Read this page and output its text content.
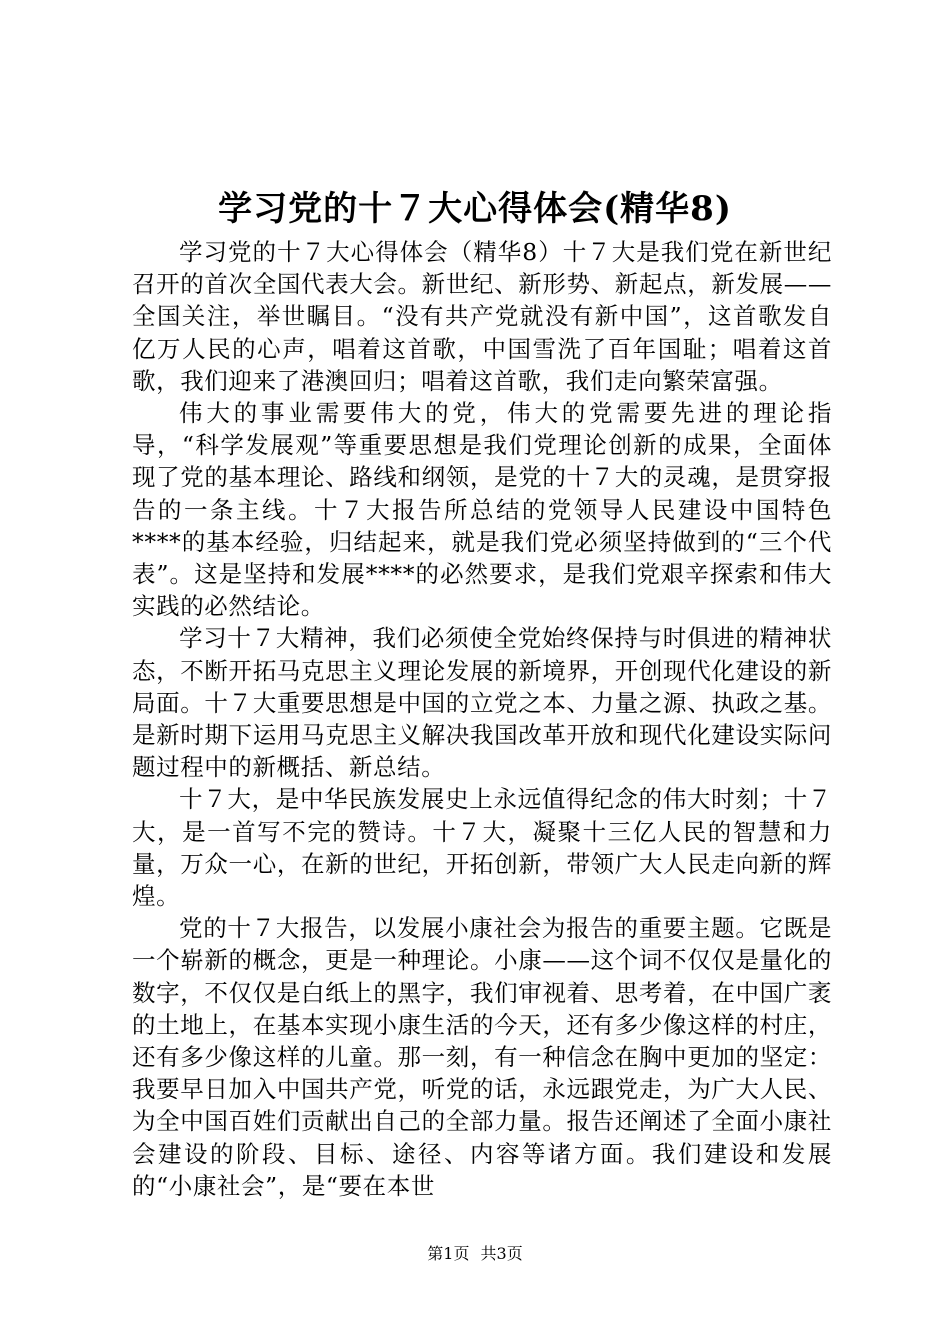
学习党的十７大心得体会(精华8)

学习党的十７大心得体会（精华8）十７大是我们党在新世纪召开的首次全国代表大会。新世纪、新形势、新起点，新发展——全国关注，举世瞩目。“没有共产党就没有新中国”，这首歌发自亿万人民的心声，唱着这首歌，中国雪洗了百年国耻；唱着这首歌，我们迎来了港澳回归；唱着这首歌，我们走向繁荣富强。

伟大的事业需要伟大的党，伟大的党需要先进的理论指导，“科学发展观”等重要思想是我们党理论创新的成果，全面体现了党的基本理论、路线和纲领，是党的十７大的灵魂，是贯穿报告的一条主线。十７大报告所总结的党领导人民建设中国特色****的基本经验，归结起来，就是我们党必须坚持做到的“三个代表”。这是坚持和发展****的必然要求，是我们党艰辛探索和伟大实践的必然结论。

学习十７大精神，我们必须使全党始终保持与时俱进的精神状态，不断开拓马克思主义理论发展的新境界，开创现代化建设的新局面。十７大重要思想是中国的立党之本、力量之源、执政之基。是新时期下运用马克思主义解决我国改革开放和现代化建设实际问题过程中的新概括、新总结。

十７大，是中华民族发展史上永远值得纪念的伟大时刻；十７大，是一首写不完的赞诗。十７大，凝聚十三亿人民的智慧和力量，万众一心，在新的世纪，开拓创新，带领广大人民走向新的辉煌。

党的十７大报告，以发展小康社会为报告的重要主题。它既是一个崭新的概念，更是一种理论。小康——这个词不仅仅是量化的数字，不仅仅是白纸上的黑字，我们审视着、思考着，在中国广袤的土地上，在基本实现小康生活的今天，还有多少像这样的村庄，还有多少像这样的儿童。那一刻，有一种信念在胸中更加的坚定：我要早日加入中国共产党，听党的话，永远跟党走，为广大人民、为全中国百姓们贡献出自己的全部力量。报告还阐述了全面小康社会建设的阶段、目标、途径、内容等诸方面。我们建设和发展的“小康社会”，是“要在本世

第1页 共3页
